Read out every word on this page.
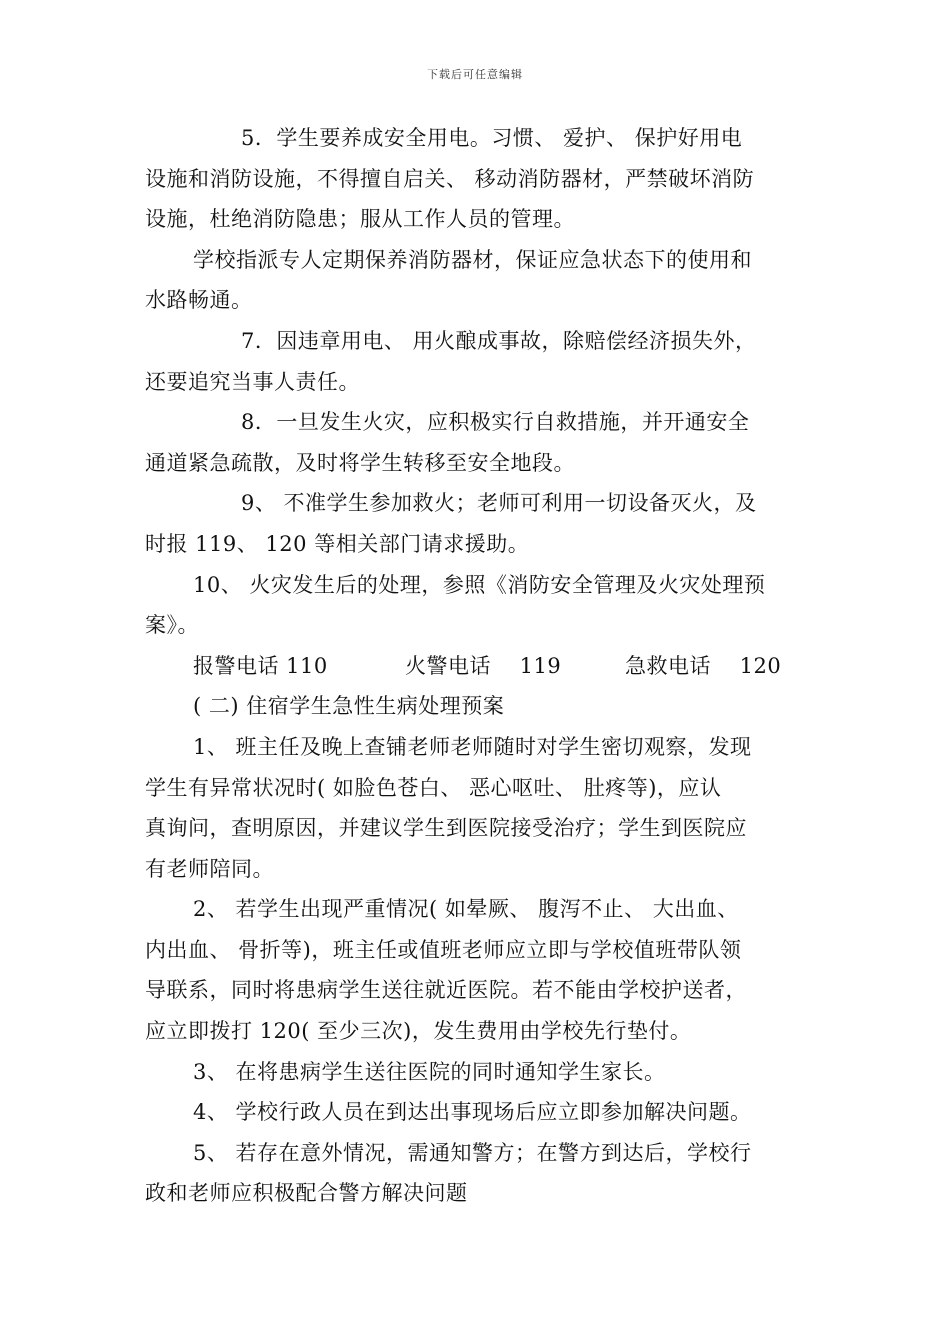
下载后可任意编辑

5．学生要养成安全用电。习惯、 爱护、 保护好用电

设施和消防设施，不得擅自启关、 移动消防器材，严禁破坏消防

设施，杜绝消防隐患；服从工作人员的管理。

学校指派专人定期保养消防器材，保证应急状态下的使用和

水路畅通。

7．因违章用电、 用火酿成事故，除赔偿经济损失外，

还要追究当事人责任。

8．一旦发生火灾，应积极实行自救措施，并开通安全

通道紧急疏散，及时将学生转移至安全地段。

9、 不准学生参加救火；老师可利用一切设备灭火，及

时报 119、 120 等相关部门请求援助。

10、 火灾发生后的处理，参照《消防安全管理及火灾处理预

案》。

报警电话 110	火警电话　 119	急救电话　 120

( 二) 住宿学生急性生病处理预案

1、 班主任及晚上查铺老师老师随时对学生密切观察，发现

学生有异常状况时( 如脸色苍白、 恶心呕吐、 肚疼等)，应认

真询问，查明原因，并建议学生到医院接受治疗；学生到医院应

有老师陪同。

2、 若学生出现严重情况( 如晕厥、 腹泻不止、 大出血、

内出血、 骨折等)，班主任或值班老师应立即与学校值班带队领

导联系，同时将患病学生送往就近医院。若不能由学校护送者，

应立即拨打 120( 至少三次)，发生费用由学校先行垫付。

3、 在将患病学生送往医院的同时通知学生家长。

4、 学校行政人员在到达出事现场后应立即参加解决问题。

5、 若存在意外情况，需通知警方；在警方到达后，学校行

政和老师应积极配合警方解决问题
